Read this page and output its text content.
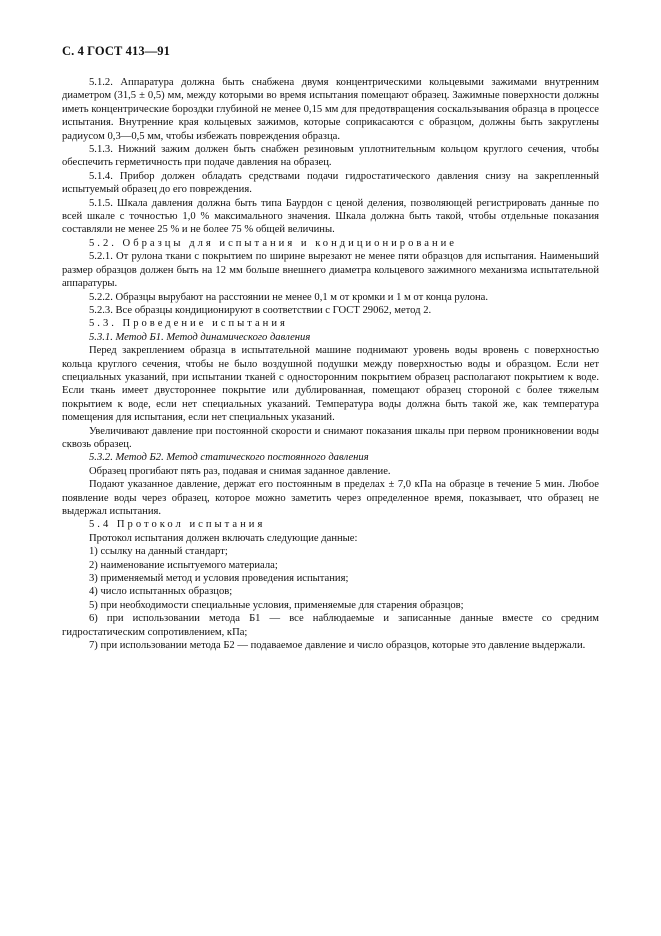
С. 4 ГОСТ 413—91

5.1.2. Аппаратура должна быть снабжена двумя концентрическими кольцевыми зажимами внутренним диаметром (31,5 ± 0,5) мм, между которыми во время испытания помещают образец. Зажимные поверхности должны иметь концентрические бороздки глубиной не менее 0,15 мм для предотвращения соскальзывания образца в процессе испытания. Внутренние края кольцевых зажимов, которые соприкасаются с образцом, должны быть закруглены радиусом 0,3—0,5 мм, чтобы избежать повреждения образца.

5.1.3. Нижний зажим должен быть снабжен резиновым уплотнительным кольцом круглого сечения, чтобы обеспечить герметичность при подаче давления на образец.

5.1.4. Прибор должен обладать средствами подачи гидростатического давления снизу на закрепленный испытуемый образец до его повреждения.

5.1.5. Шкала давления должна быть типа Баурдон с ценой деления, позволяющей регистрировать данные по всей шкале с точностью 1,0 % максимального значения. Шкала должна быть такой, чтобы отдельные показания составляли не менее 25 % и не более 75 % общей величины.

5.2. Образцы для испытания и кондиционирование

5.2.1. От рулона ткани с покрытием по ширине вырезают не менее пяти образцов для испытания. Наименьший размер образцов должен быть на 12 мм больше внешнего диаметра кольцевого зажимного механизма испытательной аппаратуры.

5.2.2. Образцы вырубают на расстоянии не менее 0,1 м от кромки и 1 м от конца рулона.

5.2.3. Все образцы кондиционируют в соответствии с ГОСТ 29062, метод 2.

5.3. Проведение испытания

5.3.1. Метод Б1. Метод динамического давления

Перед закреплением образца в испытательной машине поднимают уровень воды вровень с поверхностью кольца круглого сечения, чтобы не было воздушной подушки между поверхностью воды и образцом. Если нет специальных указаний, при испытании тканей с односторонним покрытием образец располагают покрытием к воде. Если ткань имеет двустороннее покрытие или дублированная, помещают образец стороной с более тяжелым покрытием к воде, если нет специальных указаний. Температура воды должна быть такой же, как температура помещения для испытания, если нет специальных указаний.

Увеличивают давление при постоянной скорости и снимают показания шкалы при первом проникновении воды сквозь образец.

5.3.2. Метод Б2. Метод статического постоянного давления

Образец прогибают пять раз, подавая и снимая заданное давление.

Подают указанное давление, держат его постоянным в пределах ± 7,0 кПа на образце в течение 5 мин. Любое появление воды через образец, которое можно заметить через определенное время, показывает, что образец не выдержал испытания.

5.4 Протокол испытания

Протокол испытания должен включать следующие данные:

1) ссылку на данный стандарт;

2) наименование испытуемого материала;

3) применяемый метод и условия проведения испытания;

4) число испытанных образцов;

5) при необходимости специальные условия, применяемые для старения образцов;

6) при использовании метода Б1 — все наблюдаемые и записанные данные вместе со средним гидростатическим сопротивлением, кПа;

7) при использовании метода Б2 — подаваемое давление и число образцов, которые это давление выдержали.
